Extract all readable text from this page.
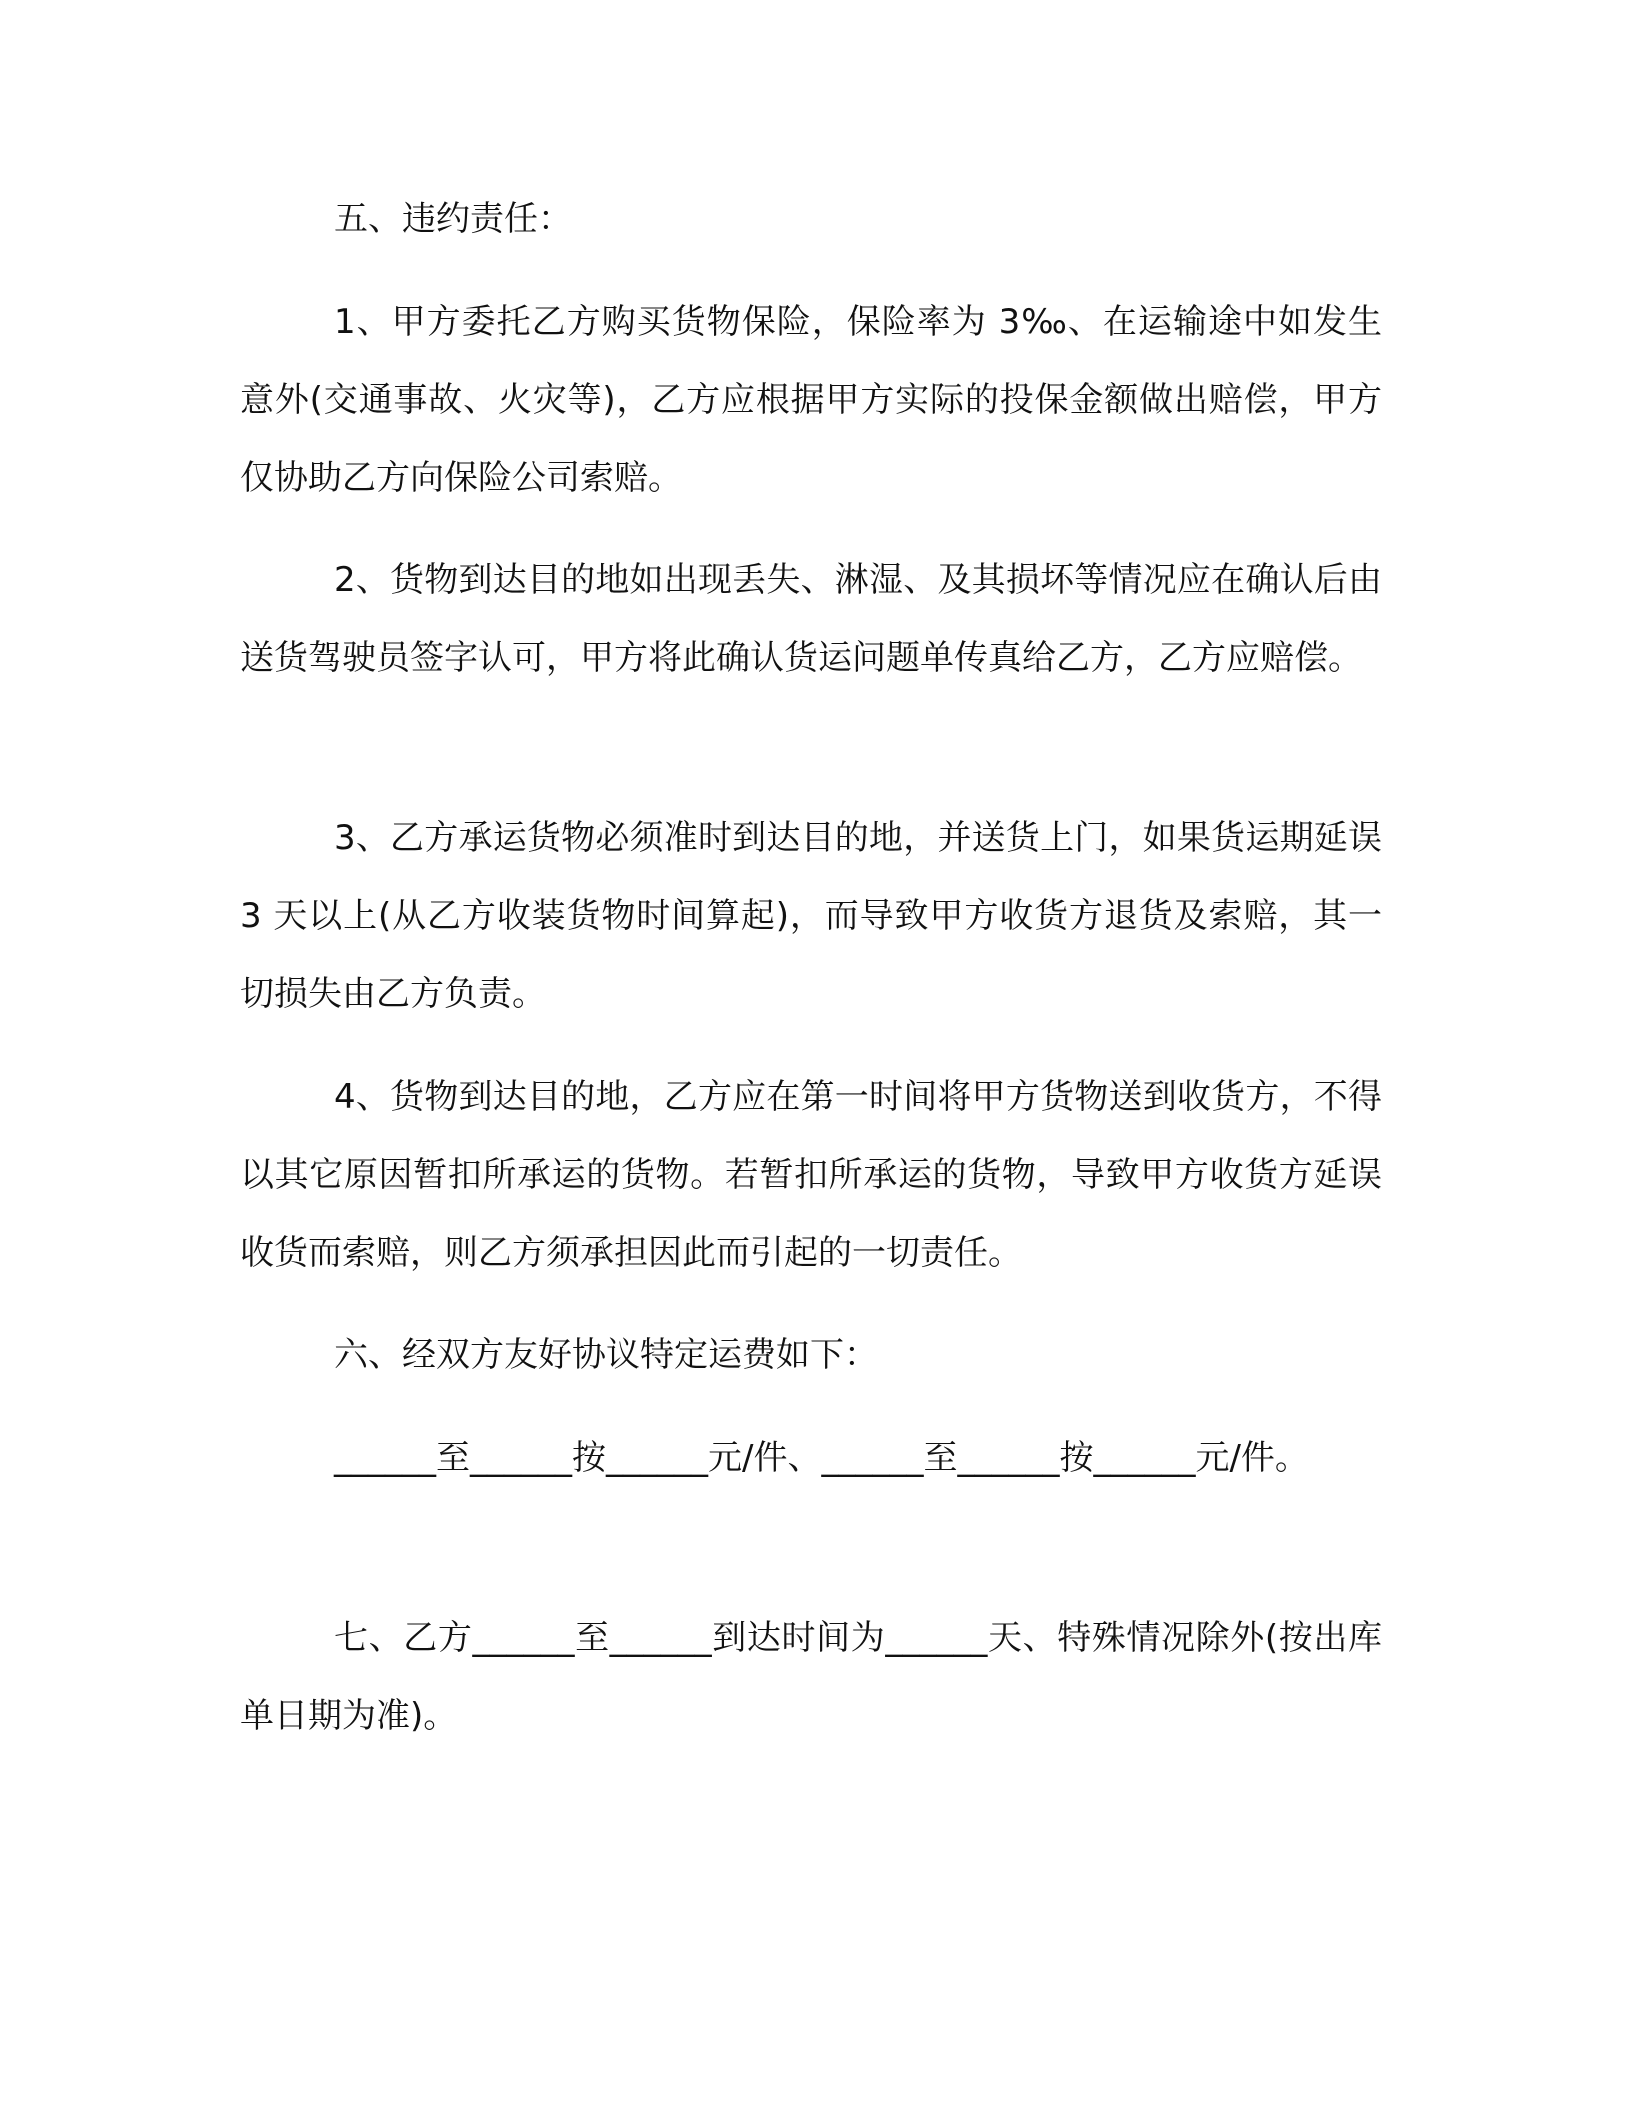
五、违约责任：

1、甲方委托乙方购买货物保险，保险率为 3‰、在运输途中如发生意外(交通事故、火灾等)，乙方应根据甲方实际的投保金额做出赔偿，甲方仅协助乙方向保险公司索赔。

2、货物到达目的地如出现丢失、淋湿、及其损坏等情况应在确认后由送货驾驶员签字认可，甲方将此确认货运问题单传真给乙方，乙方应赔偿。

3、乙方承运货物必须准时到达目的地，并送货上门，如果货运期延误 3 天以上(从乙方收装货物时间算起)，而导致甲方收货方退货及索赔，其一切损失由乙方负责。

4、货物到达目的地，乙方应在第一时间将甲方货物送到收货方，不得以其它原因暂扣所承运的货物。若暂扣所承运的货物，导致甲方收货方延误收货而索赔，则乙方须承担因此而引起的一切责任。

六、经双方友好协议特定运费如下：

______至______按______元/件、______至______按______元/件。

七、乙方______至______到达时间为______天、特殊情况除外(按出库单日期为准)。
